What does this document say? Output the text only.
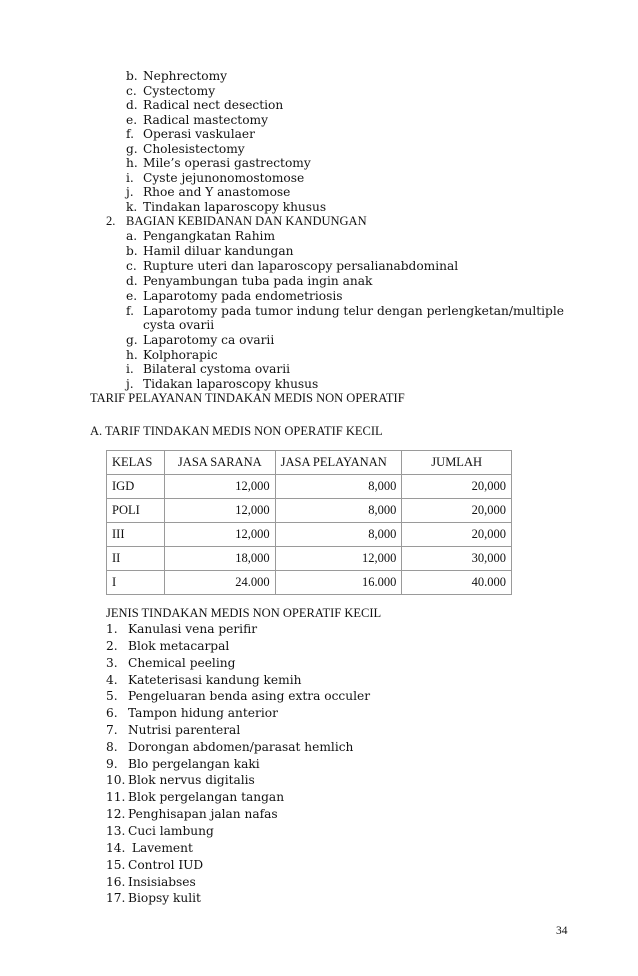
b. Nephrectomy
c. Cystectomy
d. Radical nect desection
e. Radical mastectomy
f. Operasi vaskulaer
g. Cholesistectomy
h. Mile’s operasi gastrectomy
i. Cyste jejunonomostomose
j. Rhoe and Y anastomose
k. Tindakan laparoscopy khusus
2. BAGIAN KEBIDANAN DAN KANDUNGAN
a. Pengangkatan Rahim
b. Hamil diluar kandungan
c. Rupture uteri dan laparoscopy persalianabdominal
d. Penyambungan tuba pada ingin anak
e. Laparotomy pada endometriosis
f. Laparotomy pada tumor indung telur dengan perlengketan/multiple
cysta ovarii
g. Laparotomy ca ovarii
h. Kolphorapic
i. Bilateral cystoma ovarii
j. Tidakan laparoscopy khusus
TARIF PELAYANAN TINDAKAN MEDIS NON OPERATIF
A. TARIF TINDAKAN MEDIS NON OPERATIF KECIL
KELAS	JASA SARANA	JASA PELAYANAN	JUMLAH
IGD	12,000	8,000	20,000
POLI	12,000	8,000	20,000
III	12,000	8,000	20,000
II	18,000	12,000	30,000
I	24.000	16.000	40.000
JENIS TINDAKAN MEDIS NON OPERATIF KECIL
1. Kanulasi vena perifir
2. Blok metacarpal
3. Chemical peeling
4. Kateterisasi kandung kemih
5. Pengeluaran benda asing extra occuler
6. Tampon hidung anterior
7. Nutrisi parenteral
8. Dorongan abdomen/parasat hemlich
9. Blo pergelangan kaki
10. Blok nervus digitalis
11. Blok pergelangan tangan
12. Penghisapan jalan nafas
13. Cuci lambung
14. Lavement
15. Control IUD
16. Insisiabses
17. Biopsy kulit
34
